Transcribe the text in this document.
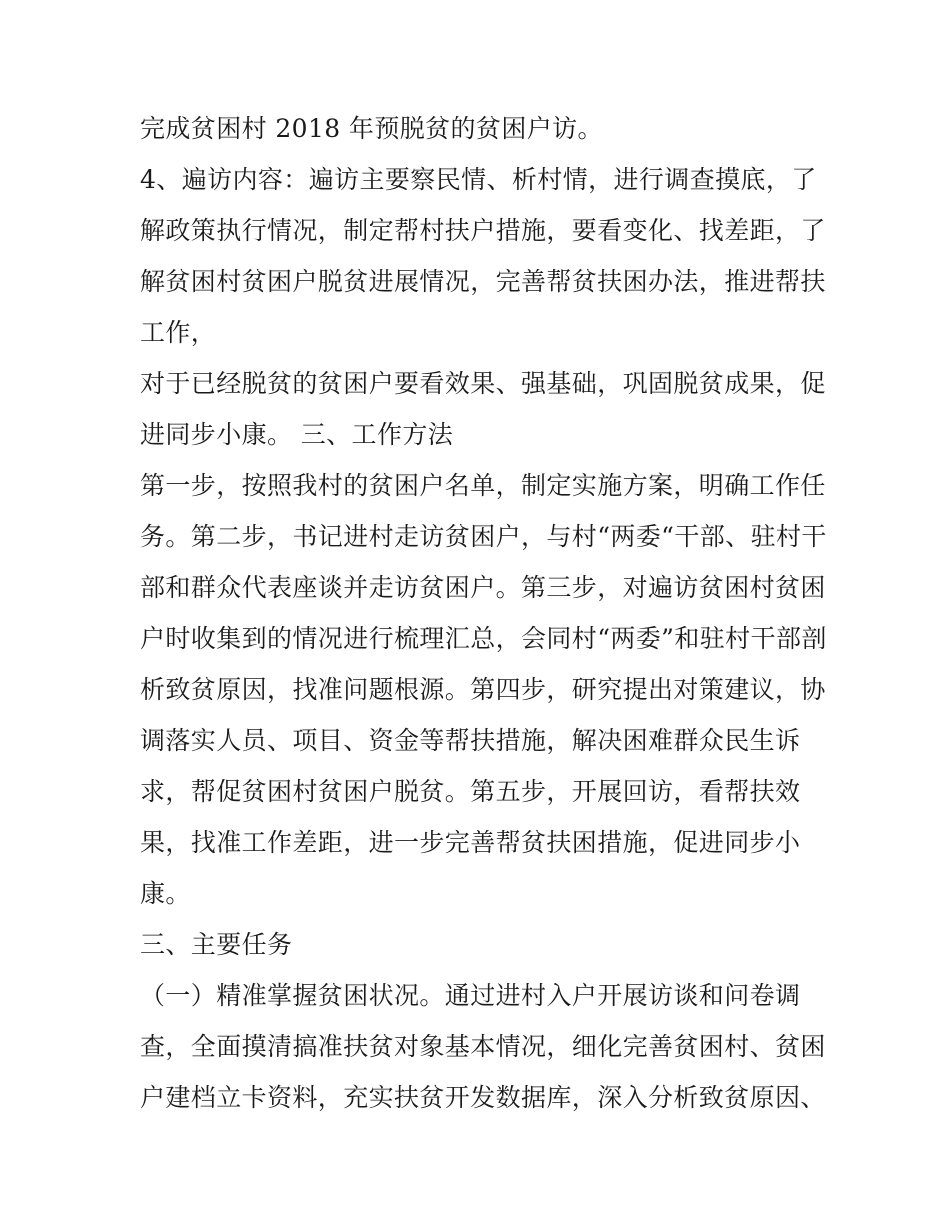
完成贫困村 2018 年预脱贫的贫困户访。
4、遍访内容：遍访主要察民情、析村情，进行调查摸底，了
解政策执行情况，制定帮村扶户措施，要看变化、找差距，了
解贫困村贫困户脱贫进展情况，完善帮贫扶困办法，推进帮扶
工作，
对于已经脱贫的贫困户要看效果、强基础，巩固脱贫成果，促
进同步小康。 三、工作方法
第一步，按照我村的贫困户名单，制定实施方案，明确工作任
务。第二步，书记进村走访贫困户，与村“两委“干部、驻村干
部和群众代表座谈并走访贫困户。第三步，对遍访贫困村贫困
户时收集到的情况进行梳理汇总，会同村“两委”和驻村干部剖
析致贫原因，找准问题根源。第四步，研究提出对策建议，协
调落实人员、项目、资金等帮扶措施，解决困难群众民生诉
求，帮促贫困村贫困户脱贫。第五步，开展回访，看帮扶效
果，找准工作差距，进一步完善帮贫扶困措施，促进同步小
康。
三、主要任务
（一）精准掌握贫困状况。通过进村入户开展访谈和问卷调
查，全面摸清搞准扶贫对象基本情况，细化完善贫困村、贫困
户建档立卡资料，充实扶贫开发数据库，深入分析致贫原因、
